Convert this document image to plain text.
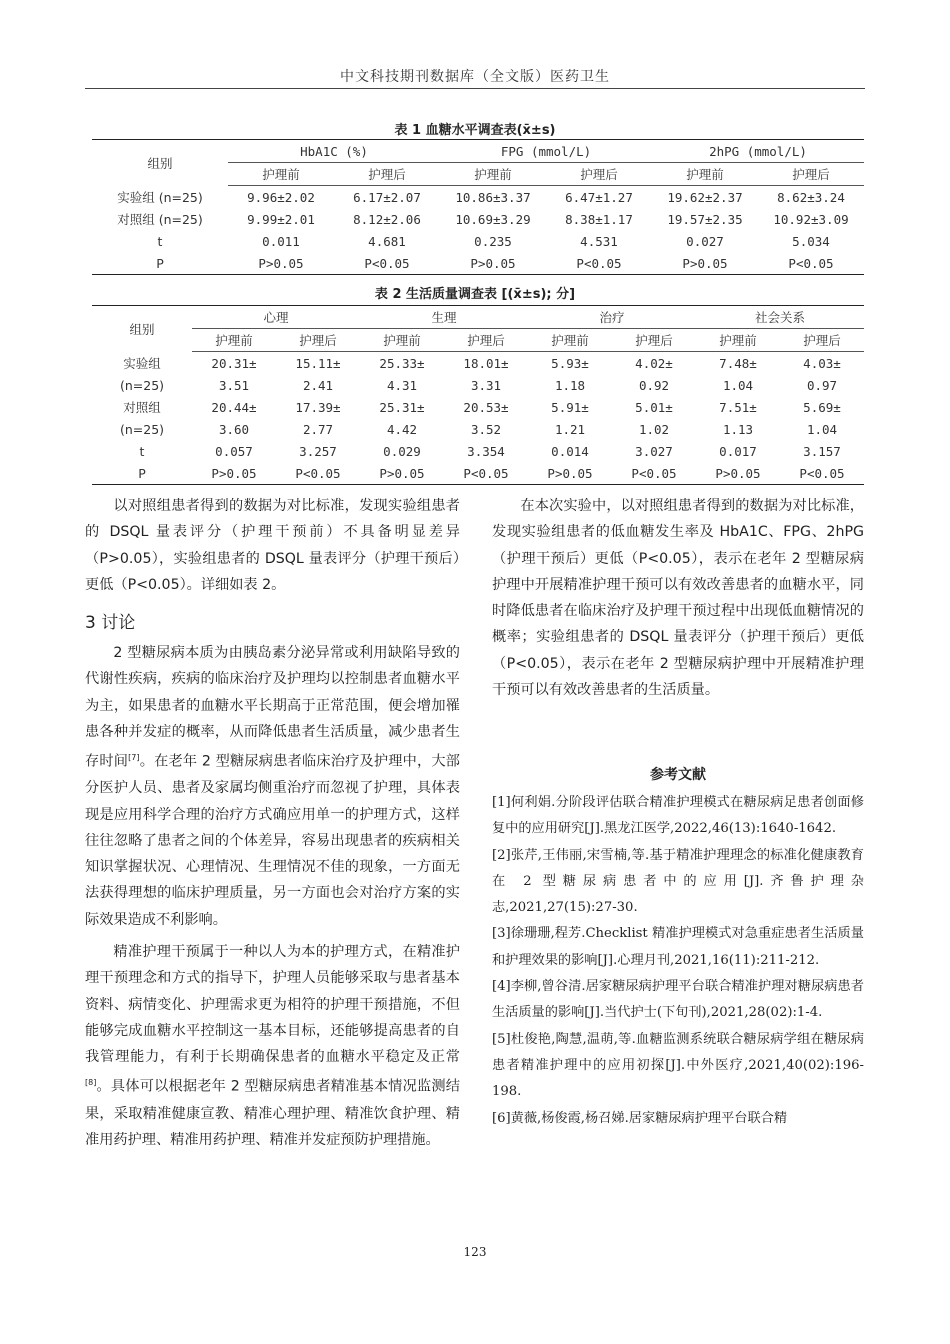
中文科技期刊数据库（全文版）医药卫生
表 1 血糖水平调查表(x̄±s)
组别	HbA1C (%)		FPG (mmol/L)		2hPG (mmol/L)	
	护理前	护理后	护理前	护理后	护理前	护理后
实验组 (n=25)	9.96±2.02	6.17±2.07	10.86±3.37	6.47±1.27	19.62±2.37	8.62±3.24
对照组 (n=25)	9.99±2.01	8.12±2.06	10.69±3.29	8.38±1.17	19.57±2.35	10.92±3.09
t	0.011	4.681	0.235	4.531	0.027	5.034
P	P>0.05	P<0.05	P>0.05	P<0.05	P>0.05	P<0.05
表 2 生活质量调查表 [(x̄±s); 分]
组别	心理		生理		治疗		社会关系	
	护理前	护理后	护理前	护理后	护理前	护理后	护理前	护理后
实验组	20.31±	15.11±	25.33±	18.01±	5.93±	4.02±	7.48±	4.03±
(n=25)	3.51	2.41	4.31	3.31	1.18	0.92	1.04	0.97
对照组	20.44±	17.39±	25.31±	20.53±	5.91±	5.01±	7.51±	5.69±
(n=25)	3.60	2.77	4.42	3.52	1.21	1.02	1.13	1.04
t	0.057	3.257	0.029	3.354	0.014	3.027	0.017	3.157
P	P>0.05	P<0.05	P>0.05	P<0.05	P>0.05	P<0.05	P>0.05	P<0.05

以对照组患者得到的数据为对比标准，发现实验组患者的 DSQL 量表评分（护理干预前）不具备明显差异（P>0.05），实验组患者的 DSQL 量表评分（护理干预后）更低（P<0.05）。详细如表 2。

3 讨论

2 型糖尿病本质为由胰岛素分泌异常或利用缺陷导致的代谢性疾病，疾病的临床治疗及护理均以控制患者血糖水平为主，如果患者的血糖水平长期高于正常范围，便会增加罹患各种并发症的概率，从而降低患者生活质量，减少患者生存时间[7]。在老年 2 型糖尿病患者临床治疗及护理中，大部分医护人员、患者及家属均侧重治疗而忽视了护理，具体表现是应用科学合理的治疗方式确应用单一的护理方式，这样往往忽略了患者之间的个体差异，容易出现患者的疾病相关知识掌握状况、心理情况、生理情况不佳的现象，一方面无法获得理想的临床护理质量，另一方面也会对治疗方案的实际效果造成不利影响。

精准护理干预属于一种以人为本的护理方式，在精准护理干预理念和方式的指导下，护理人员能够采取与患者基本资料、病情变化、护理需求更为相符的护理干预措施，不但能够完成血糖水平控制这一基本目标，还能够提高患者的自我管理能力，有利于长期确保患者的血糖水平稳定及正常[8]。具体可以根据老年 2 型糖尿病患者精准基本情况监测结果，采取精准健康宣教、精准心理护理、精准饮食护理、精准用药护理、精准用药护理、精准并发症预防护理措施。

在本次实验中，以对照组患者得到的数据为对比标准，发现实验组患者的低血糖发生率及 HbA1C、FPG、2hPG（护理干预后）更低（P<0.05），表示在老年 2 型糖尿病护理中开展精准护理干预可以有效改善患者的血糖水平，同时降低患者在临床治疗及护理干预过程中出现低血糖情况的概率；实验组患者的 DSQL 量表评分（护理干预后）更低（P<0.05），表示在老年 2 型糖尿病护理中开展精准护理干预可以有效改善患者的生活质量。

参考文献

[1]何利娟.分阶段评估联合精准护理模式在糖尿病足患者创面修复中的应用研究[J].黑龙江医学,2022,46(13):1640-1642.

[2]张芹,王伟丽,宋雪楠,等.基于精准护理理念的标准化健康教育在 2 型糖尿病患者中的应用[J].齐鲁护理杂志,2021,27(15):27-30.

[3]徐珊珊,程芳.Checklist 精准护理模式对急重症患者生活质量和护理效果的影响[J].心理月刊,2021,16(11):211-212.

[4]李柳,曾谷清.居家糖尿病护理平台联合精准护理对糖尿病患者生活质量的影响[J].当代护士(下旬刊),2021,28(02):1-4.

[5]杜俊艳,陶慧,温萌,等.血糖监测系统联合糖尿病学组在糖尿病患者精准护理中的应用初探[J].中外医疗,2021,40(02):196-198.

[6]黄薇,杨俊霞,杨召娣.居家糖尿病护理平台联合精

123
